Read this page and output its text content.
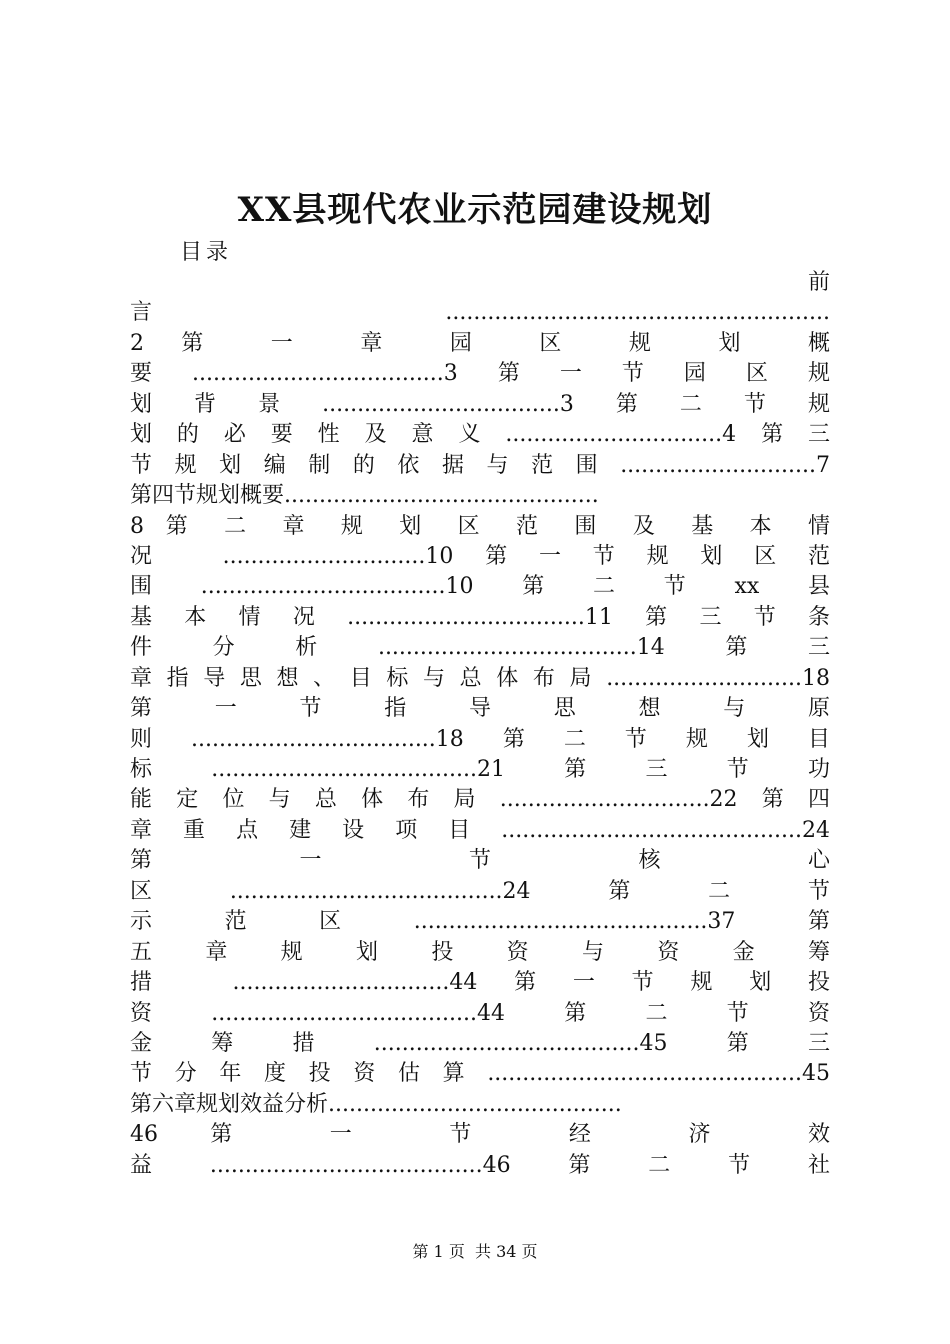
XX县现代农业示范园建设规划
目录
前
言.......................................................
2 第 一 章 园 区 规 划 概
要....................................3第一节园区规
划背景..................................3第二节规
划的必要性及意义...............................4第三
节规划编制的依据与范围............................7
第四节规划概要.............................................
8 第 二 章 规 划 区 范 围 及 基 本 情
况 .............................10第一节规划区范
围...................................10第二节xx县
基本情况..................................11第三节条
件分析.....................................14第三
章指导思想、目标与总体布局............................18
第 一 节 指 导 思 想 与 原
则...................................18第二节规划目
标......................................21第三节功
能定位与总体布局..............................22第四
章重点建设项目...........................................24
第 一 节 核 心
区.......................................24第二节
示范区..........................................37第
五 章 规 划 投 资 与 资 金 筹
措 ...............................44第一节规划投
资......................................44第二节资
金筹措......................................45第三
节分年度投资估算.............................................45
第六章规划效益分析..........................................
46 第 一 节 经 济 效
益.......................................46第二节社
第 1 页  共 34 页
